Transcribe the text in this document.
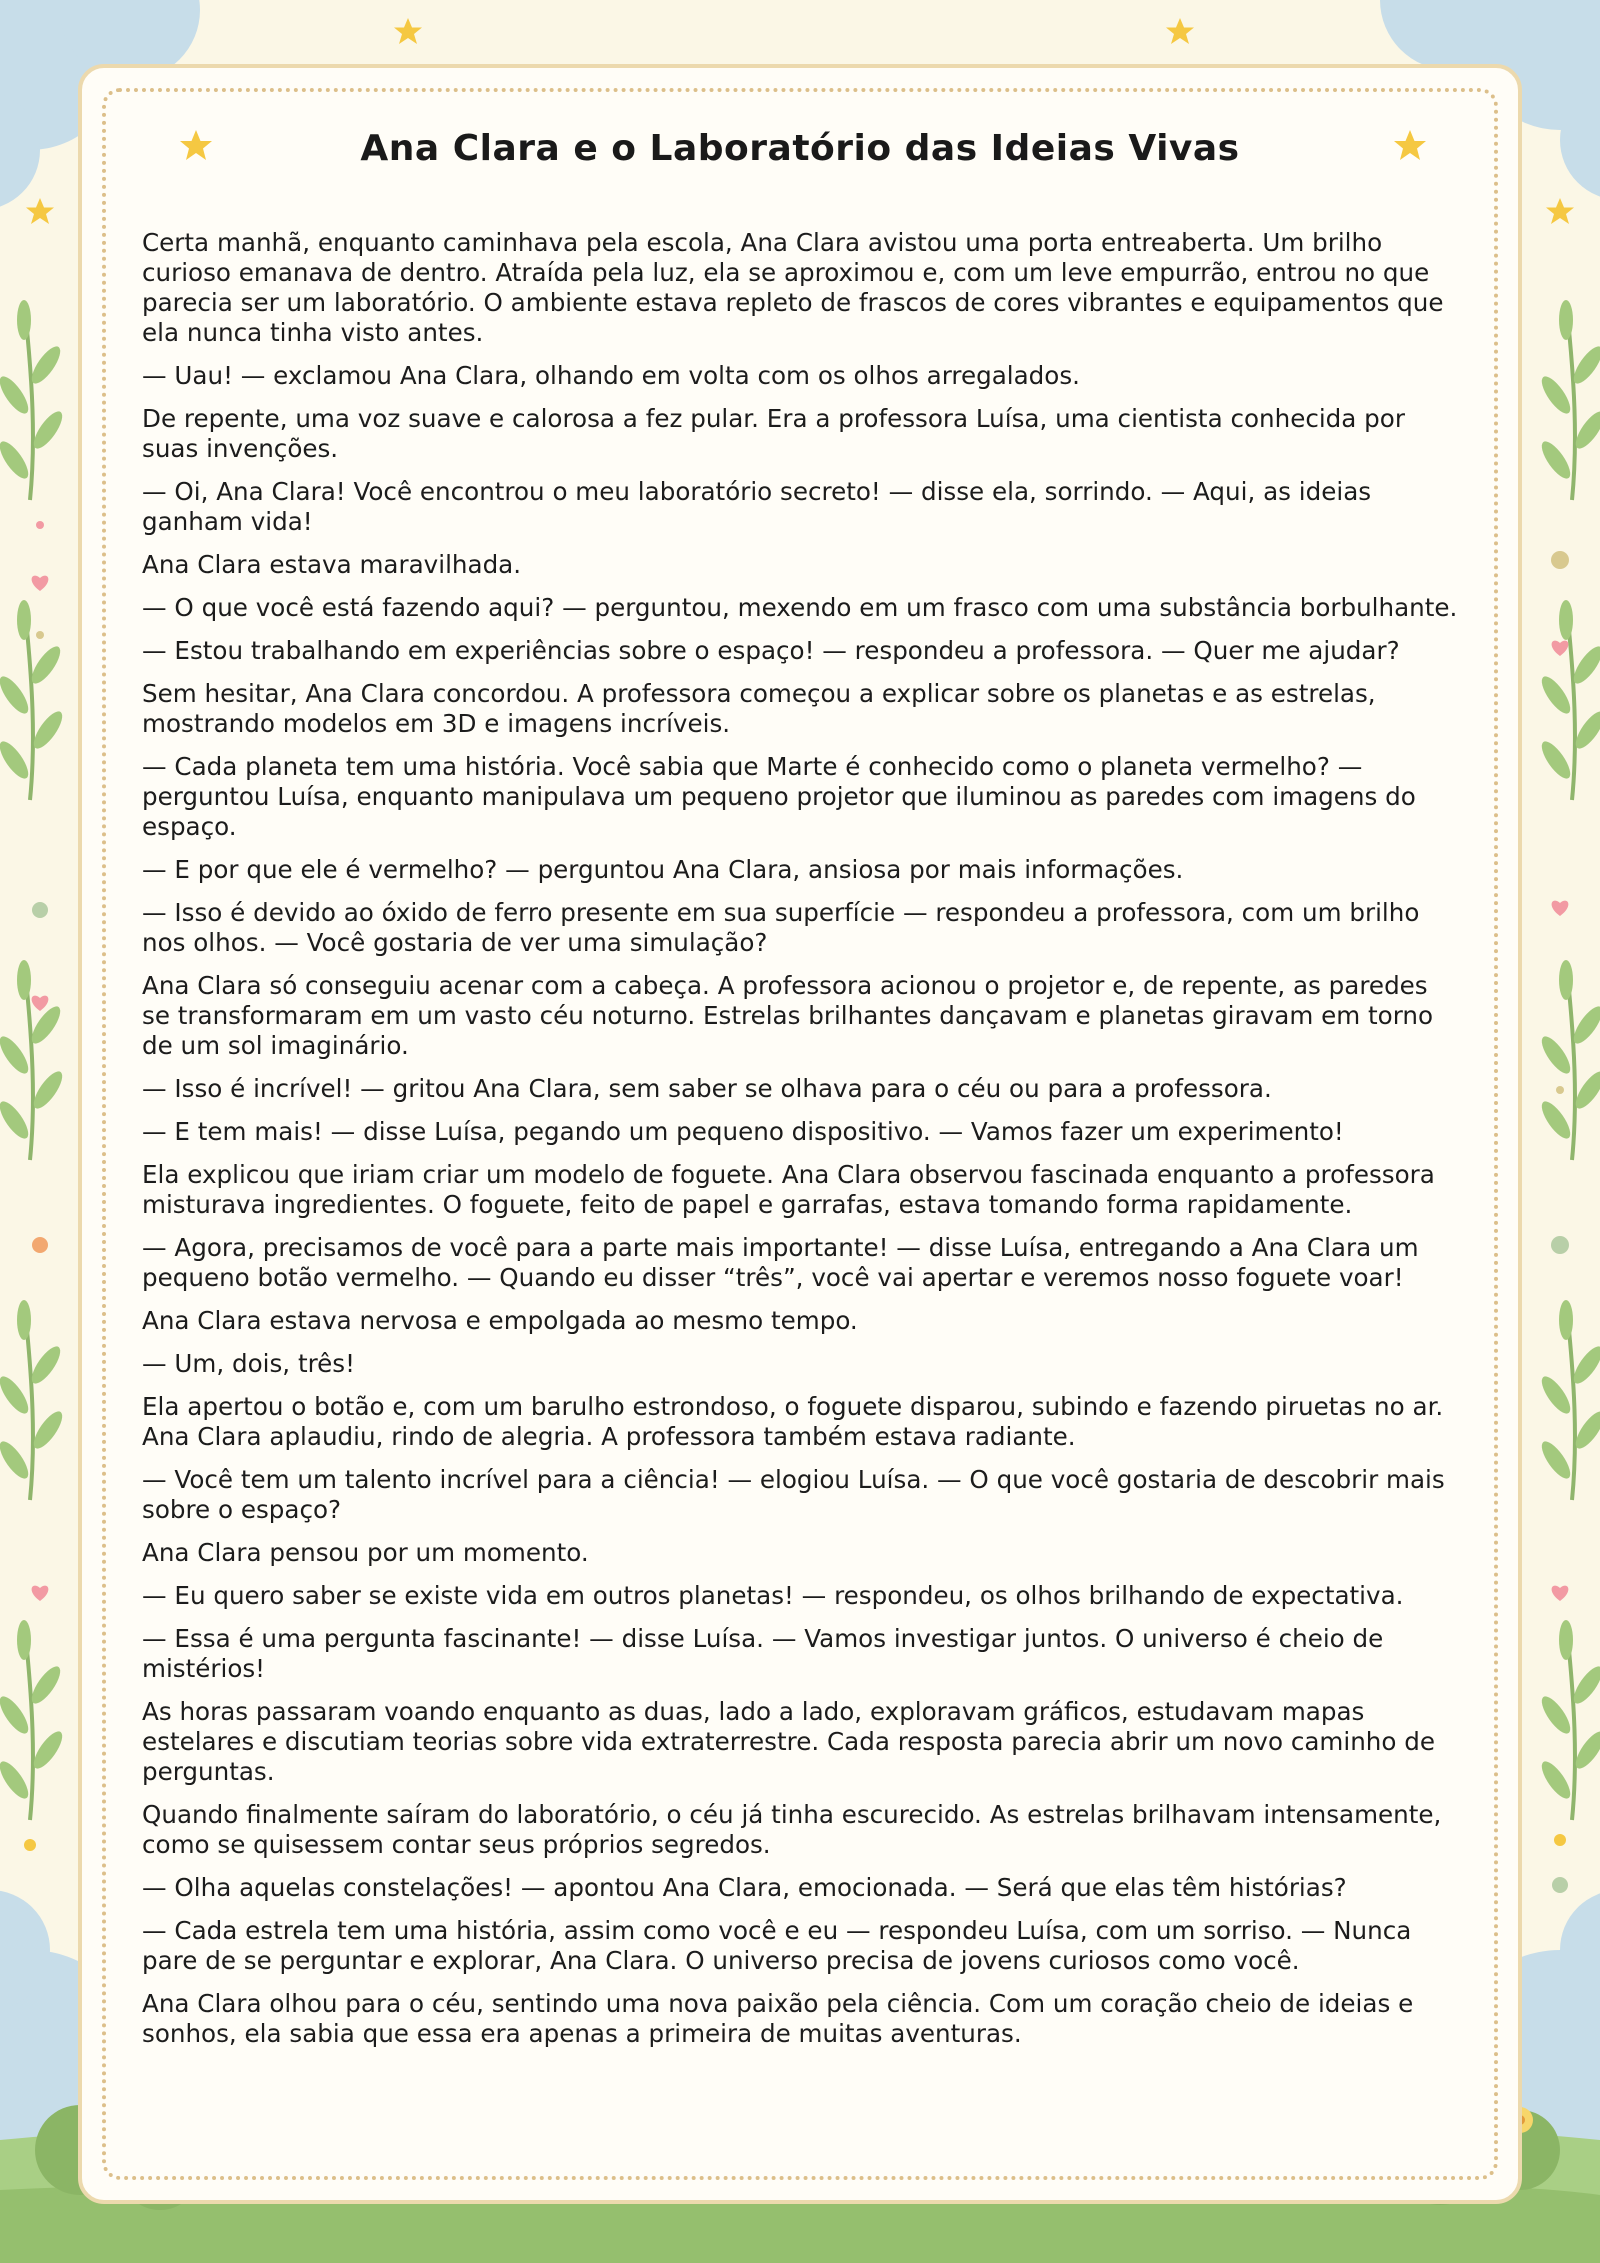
Ana Clara e o Laboratório das Ideias Vivas

Certa manhã, enquanto caminhava pela escola, Ana Clara avistou uma porta entreaberta. Um brilho curioso emanava de dentro. Atraída pela luz, ela se aproximou e, com um leve empurrão, entrou no que parecia ser um laboratório. O ambiente estava repleto de frascos de cores vibrantes e equipamentos que ela nunca tinha visto antes.

— Uau! — exclamou Ana Clara, olhando em volta com os olhos arregalados.

De repente, uma voz suave e calorosa a fez pular. Era a professora Luísa, uma cientista conhecida por suas invenções.

— Oi, Ana Clara! Você encontrou o meu laboratório secreto! — disse ela, sorrindo. — Aqui, as ideias ganham vida!

Ana Clara estava maravilhada.

— O que você está fazendo aqui? — perguntou, mexendo em um frasco com uma substância borbulhante.

— Estou trabalhando em experiências sobre o espaço! — respondeu a professora. — Quer me ajudar?

Sem hesitar, Ana Clara concordou. A professora começou a explicar sobre os planetas e as estrelas, mostrando modelos em 3D e imagens incríveis.

— Cada planeta tem uma história. Você sabia que Marte é conhecido como o planeta vermelho? — perguntou Luísa, enquanto manipulava um pequeno projetor que iluminou as paredes com imagens do espaço.

— E por que ele é vermelho? — perguntou Ana Clara, ansiosa por mais informações.

— Isso é devido ao óxido de ferro presente em sua superfície — respondeu a professora, com um brilho nos olhos. — Você gostaria de ver uma simulação?

Ana Clara só conseguiu acenar com a cabeça. A professora acionou o projetor e, de repente, as paredes se transformaram em um vasto céu noturno. Estrelas brilhantes dançavam e planetas giravam em torno de um sol imaginário.

— Isso é incrível! — gritou Ana Clara, sem saber se olhava para o céu ou para a professora.

— E tem mais! — disse Luísa, pegando um pequeno dispositivo. — Vamos fazer um experimento!

Ela explicou que iriam criar um modelo de foguete. Ana Clara observou fascinada enquanto a professora misturava ingredientes. O foguete, feito de papel e garrafas, estava tomando forma rapidamente.

— Agora, precisamos de você para a parte mais importante! — disse Luísa, entregando a Ana Clara um pequeno botão vermelho. — Quando eu disser “três”, você vai apertar e veremos nosso foguete voar!

Ana Clara estava nervosa e empolgada ao mesmo tempo.

— Um, dois, três!

Ela apertou o botão e, com um barulho estrondoso, o foguete disparou, subindo e fazendo piruetas no ar. Ana Clara aplaudiu, rindo de alegria. A professora também estava radiante.

— Você tem um talento incrível para a ciência! — elogiou Luísa. — O que você gostaria de descobrir mais sobre o espaço?

Ana Clara pensou por um momento.

— Eu quero saber se existe vida em outros planetas! — respondeu, os olhos brilhando de expectativa.

— Essa é uma pergunta fascinante! — disse Luísa. — Vamos investigar juntos. O universo é cheio de mistérios!

As horas passaram voando enquanto as duas, lado a lado, exploravam gráficos, estudavam mapas estelares e discutiam teorias sobre vida extraterrestre. Cada resposta parecia abrir um novo caminho de perguntas.

Quando finalmente saíram do laboratório, o céu já tinha escurecido. As estrelas brilhavam intensamente, como se quisessem contar seus próprios segredos.

— Olha aquelas constelações! — apontou Ana Clara, emocionada. — Será que elas têm histórias?

— Cada estrela tem uma história, assim como você e eu — respondeu Luísa, com um sorriso. — Nunca pare de se perguntar e explorar, Ana Clara. O universo precisa de jovens curiosos como você.

Ana Clara olhou para o céu, sentindo uma nova paixão pela ciência. Com um coração cheio de ideias e sonhos, ela sabia que essa era apenas a primeira de muitas aventuras.
